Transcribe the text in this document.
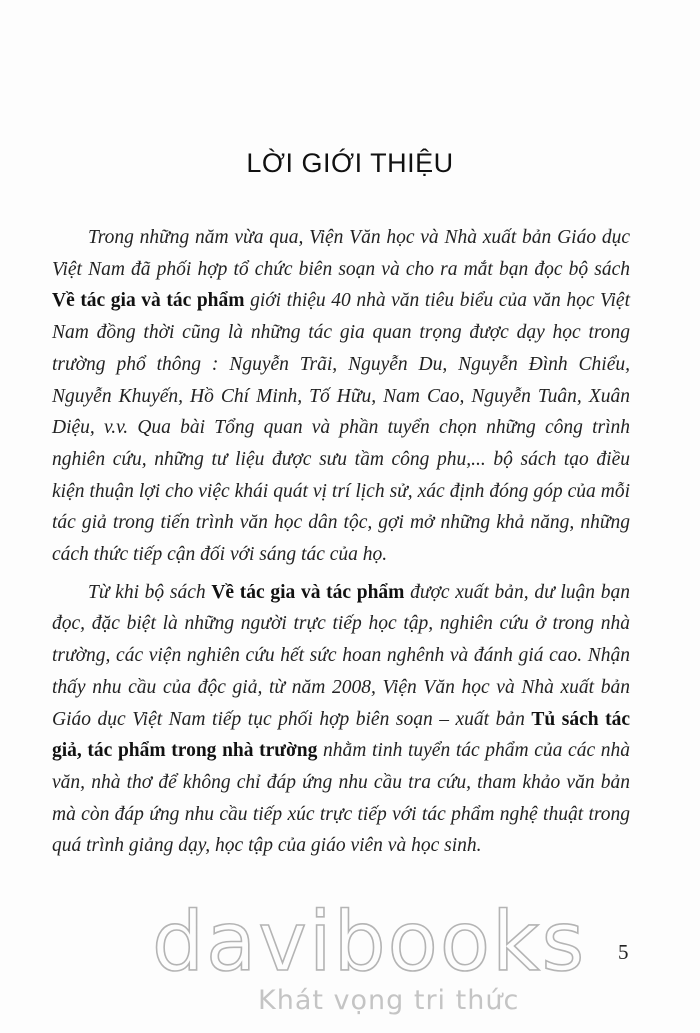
LỜI GIỚI THIỆU

Trong những năm vừa qua, Viện Văn học và Nhà xuất bản Giáo dục Việt Nam đã phối hợp tổ chức biên soạn và cho ra mắt bạn đọc bộ sách Về tác gia và tác phẩm giới thiệu 40 nhà văn tiêu biểu của văn học Việt Nam đồng thời cũng là những tác gia quan trọng được dạy học trong trường phổ thông : Nguyễn Trãi, Nguyễn Du, Nguyễn Đình Chiểu, Nguyễn Khuyến, Hồ Chí Minh, Tố Hữu, Nam Cao, Nguyễn Tuân, Xuân Diệu, v.v. Qua bài Tổng quan và phần tuyển chọn những công trình nghiên cứu, những tư liệu được sưu tầm công phu,... bộ sách tạo điều kiện thuận lợi cho việc khái quát vị trí lịch sử, xác định đóng góp của mỗi tác giả trong tiến trình văn học dân tộc, gợi mở những khả năng, những cách thức tiếp cận đối với sáng tác của họ.

Từ khi bộ sách Về tác gia và tác phẩm được xuất bản, dư luận bạn đọc, đặc biệt là những người trực tiếp học tập, nghiên cứu ở trong nhà trường, các viện nghiên cứu hết sức hoan nghênh và đánh giá cao. Nhận thấy nhu cầu của độc giả, từ năm 2008, Viện Văn học và Nhà xuất bản Giáo dục Việt Nam tiếp tục phối hợp biên soạn – xuất bản Tủ sách tác giả, tác phẩm trong nhà trường nhằm tinh tuyển tác phẩm của các nhà văn, nhà thơ để không chỉ đáp ứng nhu cầu tra cứu, tham khảo văn bản mà còn đáp ứng nhu cầu tiếp xúc trực tiếp với tác phẩm nghệ thuật trong quá trình giảng dạy, học tập của giáo viên và học sinh.

5
davibooks
Khát vọng tri thức
